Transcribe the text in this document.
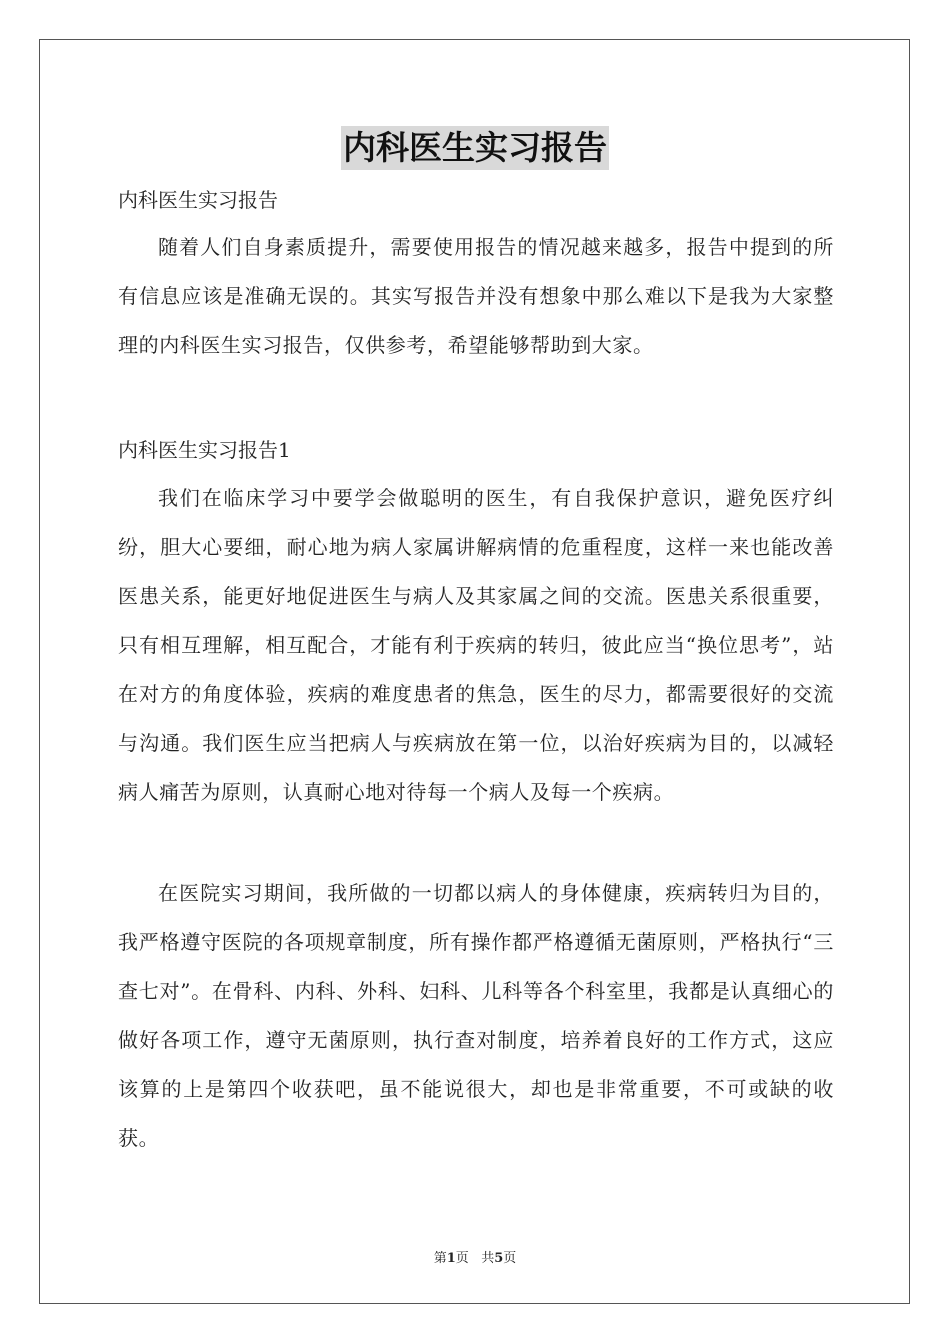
内科医生实习报告

内科医生实习报告

随着人们自身素质提升，需要使用报告的情况越来越多，报告中提到的所有信息应该是准确无误的。其实写报告并没有想象中那么难以下是我为大家整理的内科医生实习报告，仅供参考，希望能够帮助到大家。

内科医生实习报告1

我们在临床学习中要学会做聪明的医生，有自我保护意识，避免医疗纠纷，胆大心要细，耐心地为病人家属讲解病情的危重程度，这样一来也能改善医患关系，能更好地促进医生与病人及其家属之间的交流。医患关系很重要，只有相互理解，相互配合，才能有利于疾病的转归，彼此应当“换位思考”，站在对方的角度体验，疾病的难度患者的焦急，医生的尽力，都需要很好的交流与沟通。我们医生应当把病人与疾病放在第一位，以治好疾病为目的，以减轻病人痛苦为原则，认真耐心地对待每一个病人及每一个疾病。

在医院实习期间，我所做的一切都以病人的身体健康，疾病转归为目的，我严格遵守医院的各项规章制度，所有操作都严格遵循无菌原则，严格执行“三查七对”。在骨科、内科、外科、妇科、儿科等各个科室里，我都是认真细心的做好各项工作，遵守无菌原则，执行查对制度，培养着良好的工作方式，这应该算的上是第四个收获吧，虽不能说很大，却也是非常重要，不可或缺的收获。

第1页 共5页
